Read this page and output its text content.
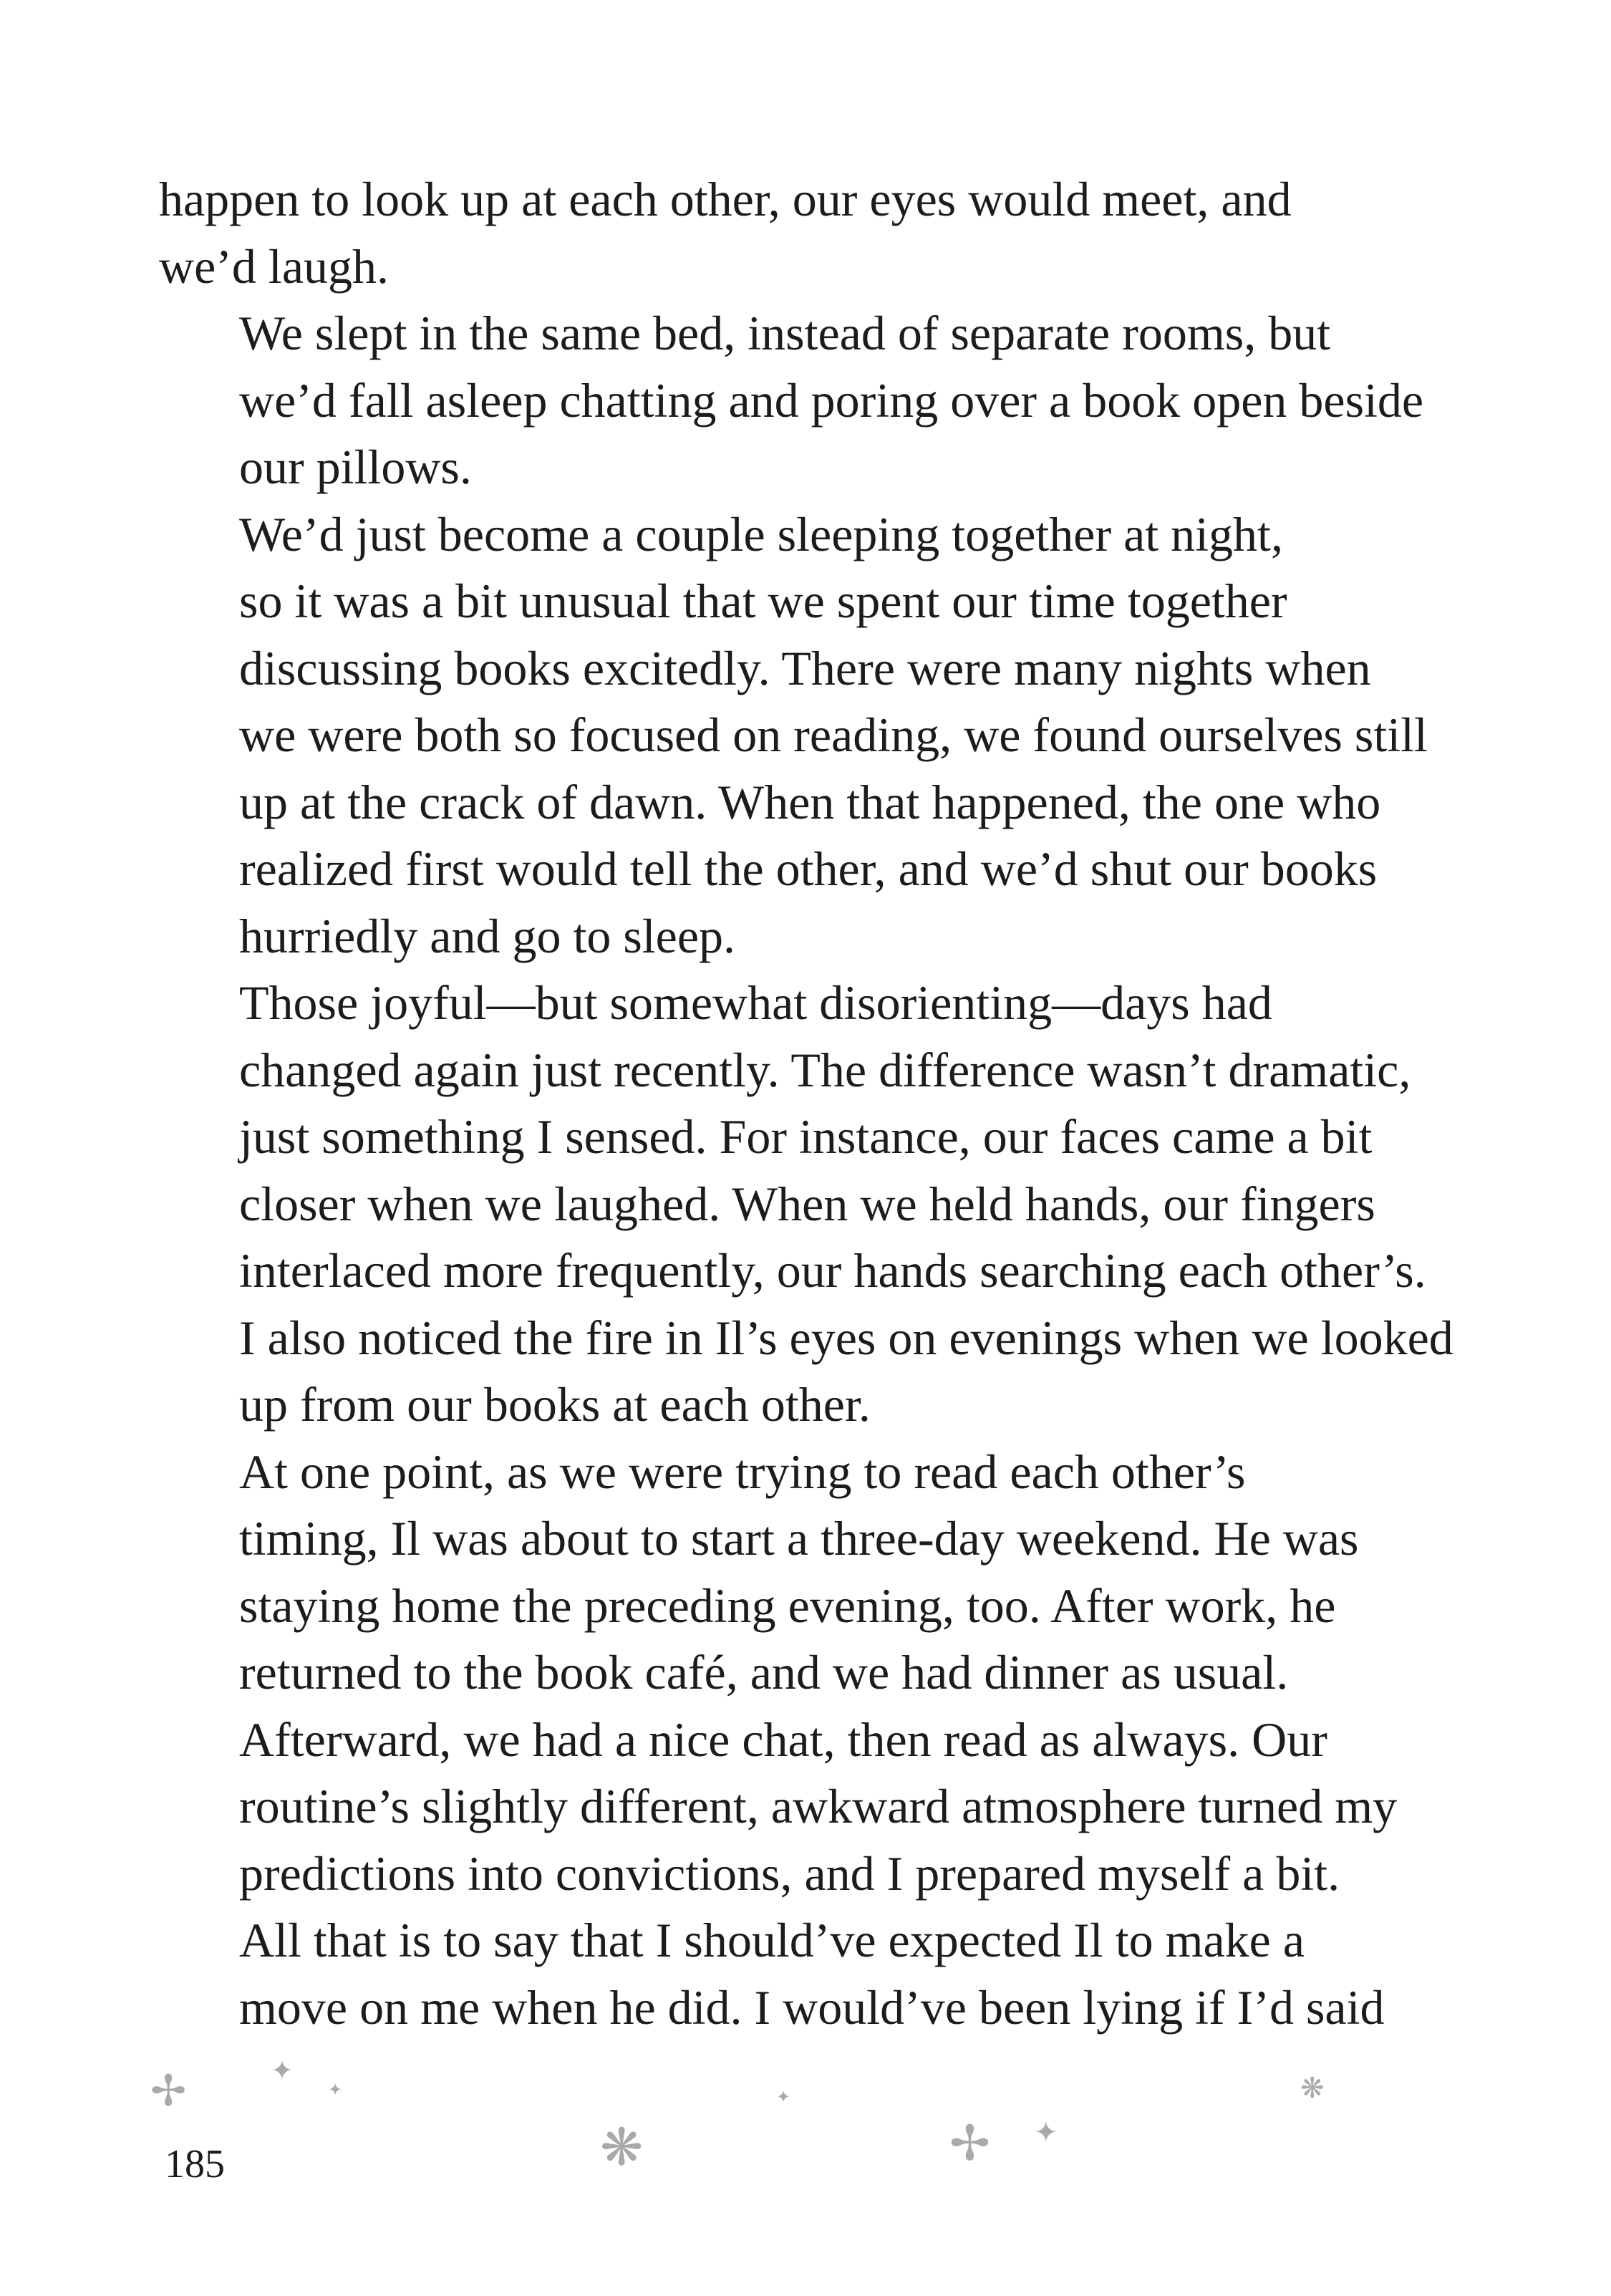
happen to look up at each other, our eyes would meet, and
we’d laugh.

We slept in the same bed, instead of separate rooms, but
we’d fall asleep chatting and poring over a book open beside
our pillows.

We’d just become a couple sleeping together at night,
so it was a bit unusual that we spent our time together
discussing books excitedly. There were many nights when
we were both so focused on reading, we found ourselves still
up at the crack of dawn. When that happened, the one who
realized first would tell the other, and we’d shut our books
hurriedly and go to sleep.

Those joyful—but somewhat disorienting—days had
changed again just recently. The difference wasn’t dramatic,
just something I sensed. For instance, our faces came a bit
closer when we laughed. When we held hands, our fingers
interlaced more frequently, our hands searching each other’s.
I also noticed the fire in Il’s eyes on evenings when we looked
up from our books at each other.

At one point, as we were trying to read each other’s
timing, Il was about to start a three-day weekend. He was
staying home the preceding evening, too. After work, he
returned to the book café, and we had dinner as usual.
Afterward, we had a nice chat, then read as always. Our
routine’s slightly different, awkward atmosphere turned my
predictions into convictions, and I prepared myself a bit.

All that is to say that I should’ve expected Il to make a
move on me when he did. I would’ve been lying if I’d said

✢	✦
✦	✦	❋
❋	✢ ✦
185
